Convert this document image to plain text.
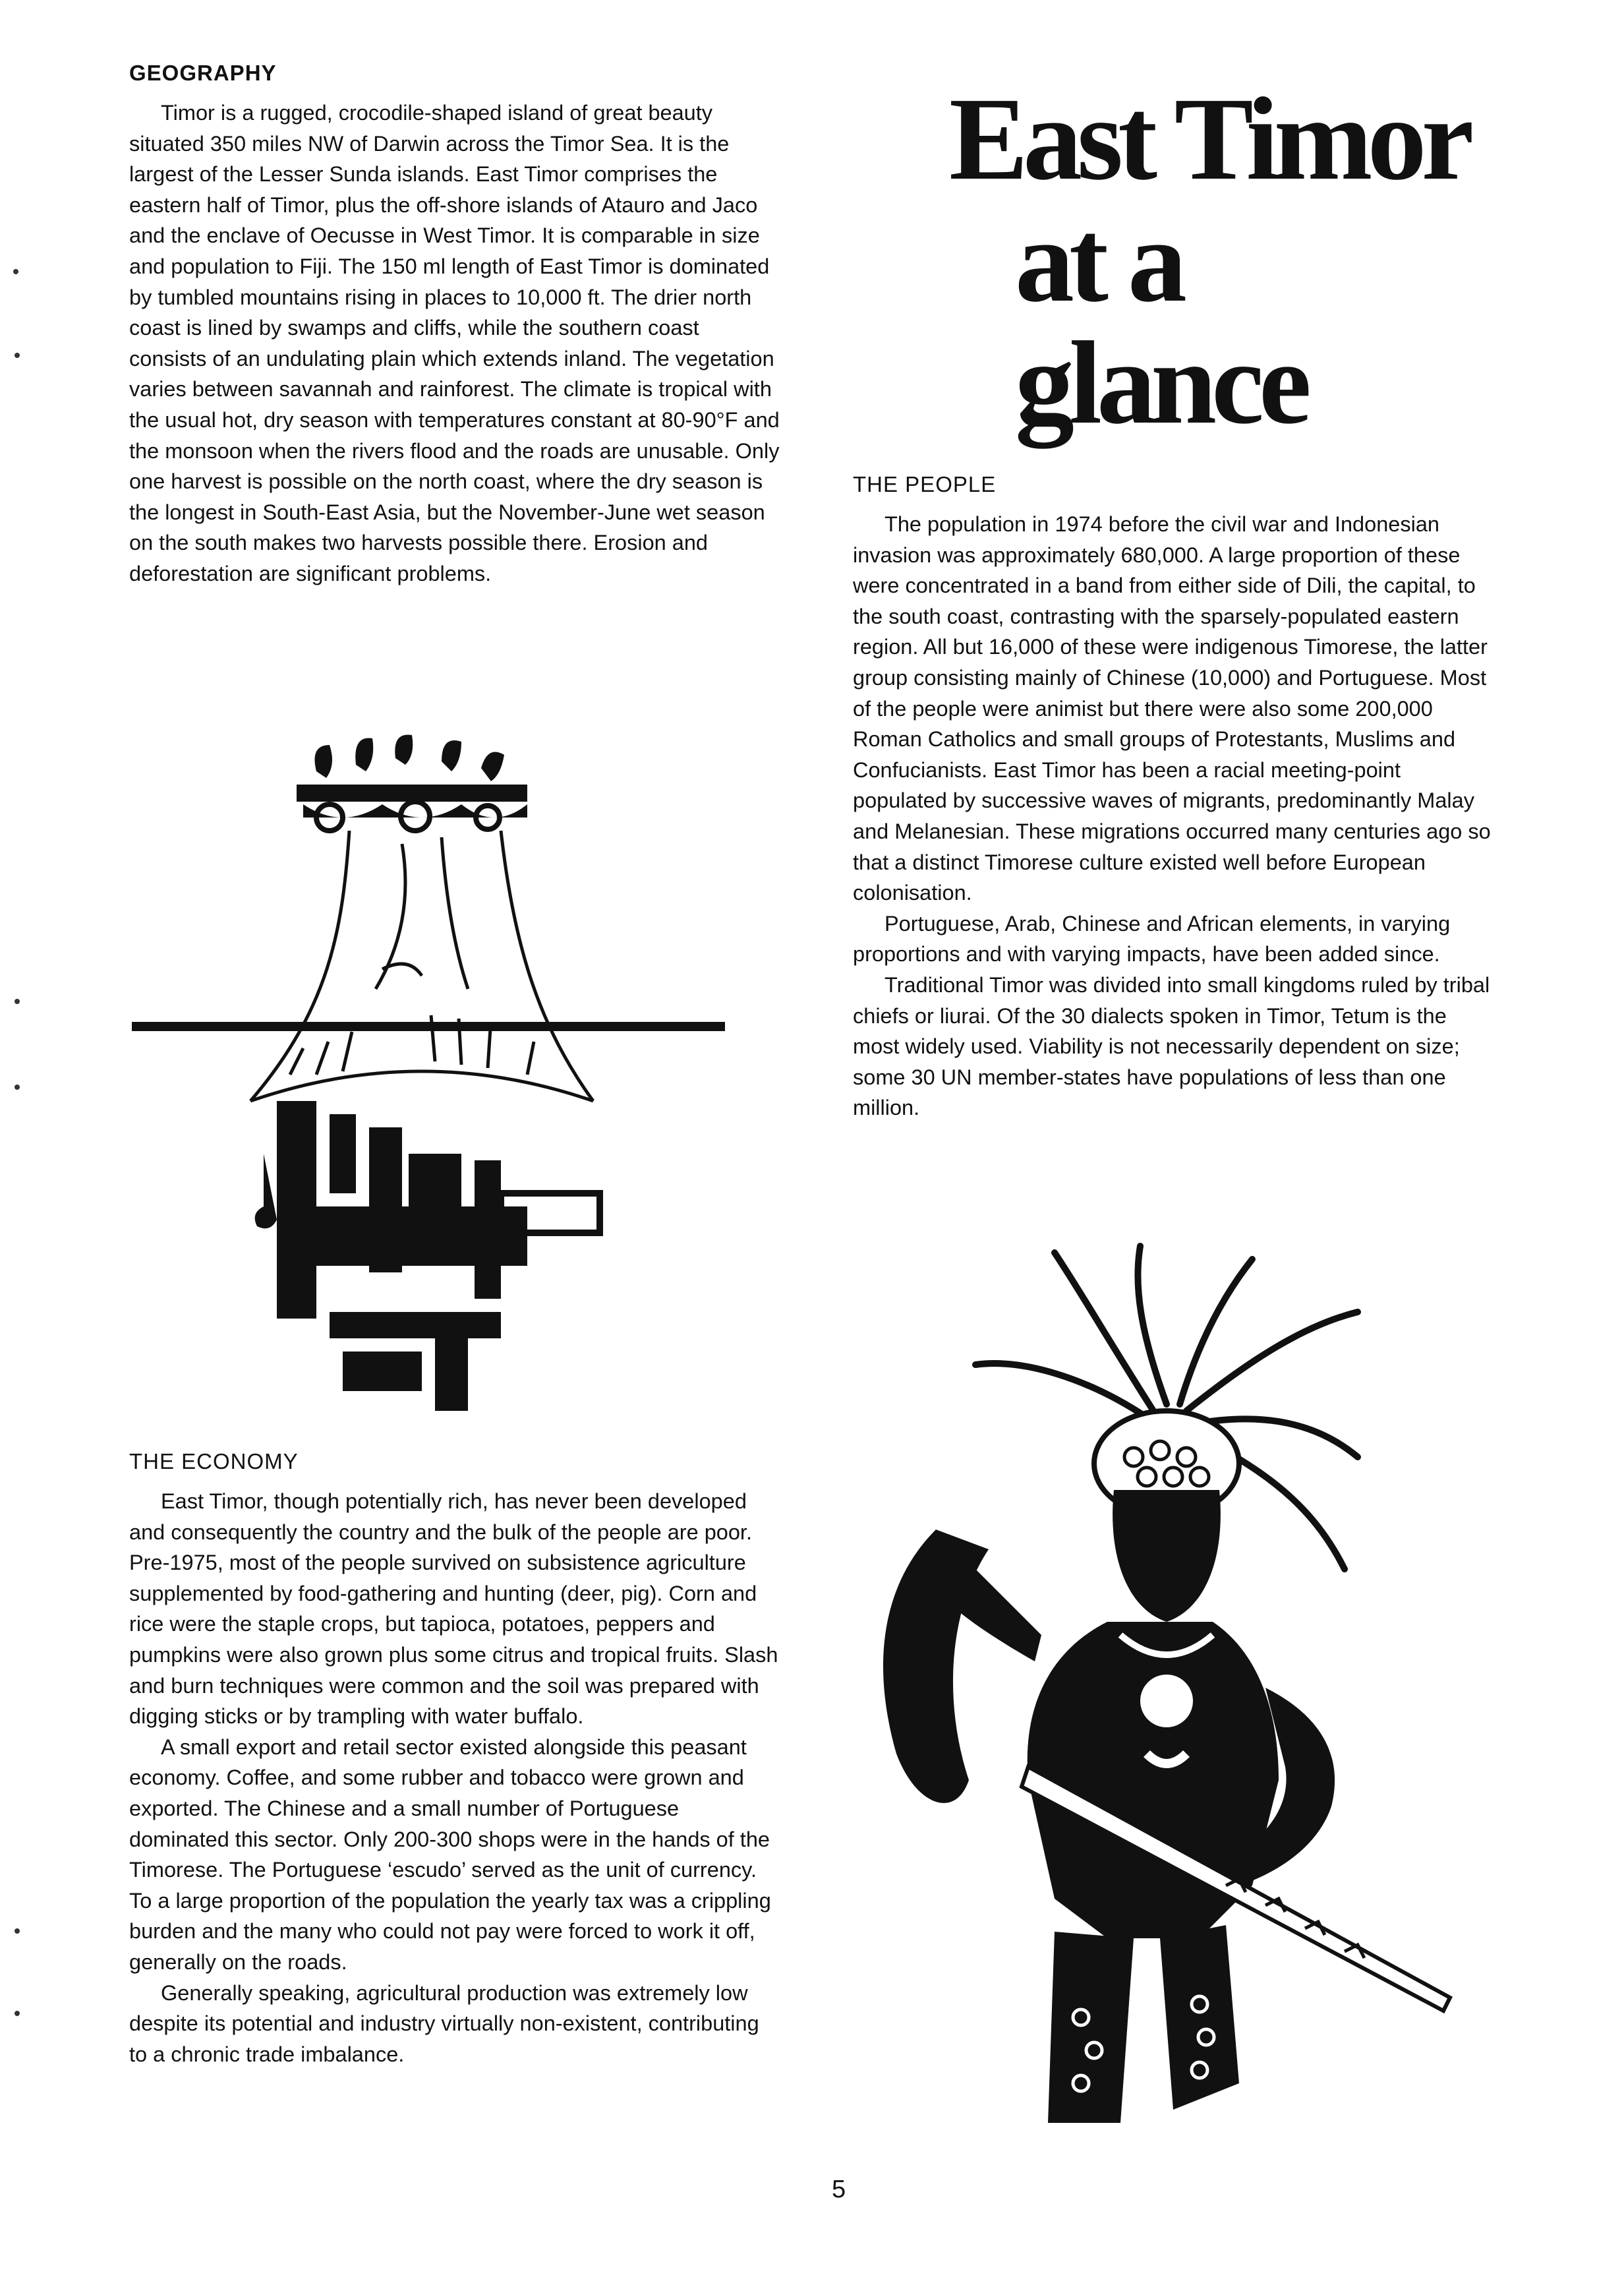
GEOGRAPHY

Timor is a rugged, crocodile-shaped island of great beauty situated 350 miles NW of Darwin across the Timor Sea. It is the largest of the Lesser Sunda islands. East Timor comprises the eastern half of Timor, plus the off-shore islands of Atauro and Jaco and the enclave of Oecusse in West Timor. It is comparable in size and population to Fiji. The 150 ml length of East Timor is dominated by tumbled mountains rising in places to 10,000 ft. The drier north coast is lined by swamps and cliffs, while the southern coast consists of an undulating plain which extends inland. The vegetation varies between savannah and rainforest. The climate is tropical with the usual hot, dry season with temperatures constant at 80-90°F and the monsoon when the rivers flood and the roads are unusable. Only one harvest is possible on the north coast, where the dry season is the longest in South-East Asia, but the November-June wet season on the south makes two harvests possible there. Erosion and deforestation are significant problems.

East Timor
at a glance
THE PEOPLE

The population in 1974 before the civil war and Indonesian invasion was approximately 680,000. A large proportion of these were concentrated in a band from either side of Dili, the capital, to the south coast, contrasting with the sparsely-populated eastern region. All but 16,000 of these were indigenous Timorese, the latter group consisting mainly of Chinese (10,000) and Portuguese. Most of the people were animist but there were also some 200,000 Roman Catholics and small groups of Protestants, Muslims and Confucianists. East Timor has been a racial meeting-point populated by successive waves of migrants, predominantly Malay and Melanesian. These migrations occurred many centuries ago so that a distinct Timorese culture existed well before European colonisation.

Portuguese, Arab, Chinese and African elements, in varying proportions and with varying impacts, have been added since.

Traditional Timor was divided into small kingdoms ruled by tribal chiefs or liurai. Of the 30 dialects spoken in Timor, Tetum is the most widely used. Viability is not necessarily dependent on size; some 30 UN member-states have populations of less than one million.

THE ECONOMY

East Timor, though potentially rich, has never been developed and consequently the country and the bulk of the people are poor. Pre-1975, most of the people survived on subsistence agriculture supplemented by food-gathering and hunting (deer, pig). Corn and rice were the staple crops, but tapioca, potatoes, peppers and pumpkins were also grown plus some citrus and tropical fruits. Slash and burn techniques were common and the soil was prepared with digging sticks or by trampling with water buffalo.

A small export and retail sector existed alongside this peasant economy. Coffee, and some rubber and tobacco were grown and exported. The Chinese and a small number of Portuguese dominated this sector. Only 200-300 shops were in the hands of the Timorese. The Portuguese ‘escudo’ served as the unit of currency. To a large proportion of the population the yearly tax was a crippling burden and the many who could not pay were forced to work it off, generally on the roads.

Generally speaking, agricultural production was extremely low despite its potential and industry virtually non-existent, contributing to a chronic trade imbalance.

5
